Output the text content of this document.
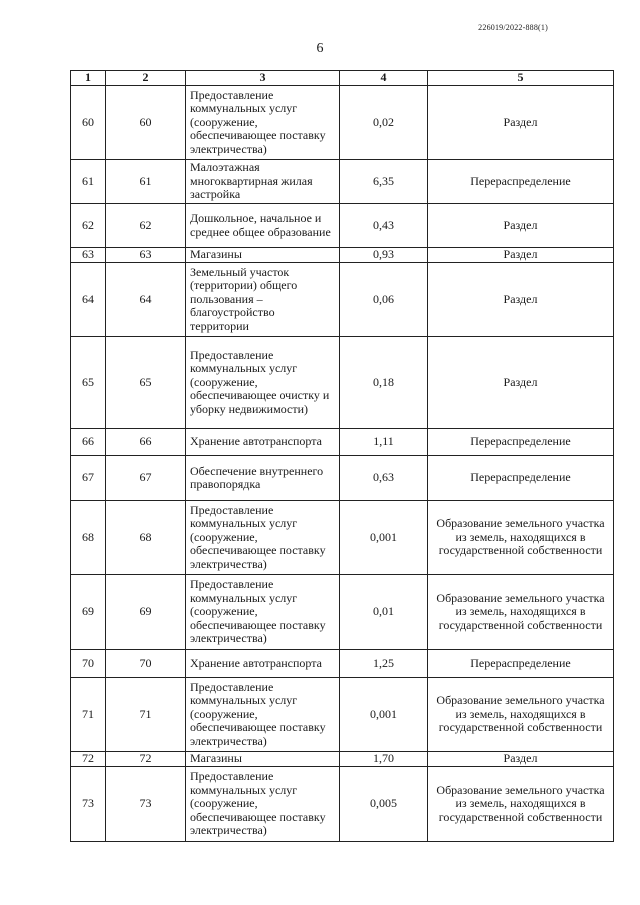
226019/2022-888(1)
6
1	2	3	4	5
60	60	Предоставление коммунальных услуг (сооружение, обеспечивающее поставку электричества)	0,02	Раздел
61	61	Малоэтажная многоквартирная жилая застройка	6,35	Перераспределение
62	62	Дошкольное, начальное и среднее общее образование	0,43	Раздел
63	63	Магазины	0,93	Раздел
64	64	Земельный участок (территории) общего пользования – благоустройство территории	0,06	Раздел
65	65	Предоставление коммунальных услуг (сооружение, обеспечивающее очистку и уборку недвижимости)	0,18	Раздел
66	66	Хранение автотранспорта	1,11	Перераспределение
67	67	Обеспечение внутреннего правопорядка	0,63	Перераспределение
68	68	Предоставление коммунальных услуг (сооружение, обеспечивающее поставку электричества)	0,001	Образование земельного участка из земель, находящихся в государственной собственности
69	69	Предоставление коммунальных услуг (сооружение, обеспечивающее поставку электричества)	0,01	Образование земельного участка из земель, находящихся в государственной собственности
70	70	Хранение автотранспорта	1,25	Перераспределение
71	71	Предоставление коммунальных услуг (сооружение, обеспечивающее поставку электричества)	0,001	Образование земельного участка из земель, находящихся в государственной собственности
72	72	Магазины	1,70	Раздел
73	73	Предоставление коммунальных услуг (сооружение, обеспечивающее поставку электричества)	0,005	Образование земельного участка из земель, находящихся в государственной собственности
